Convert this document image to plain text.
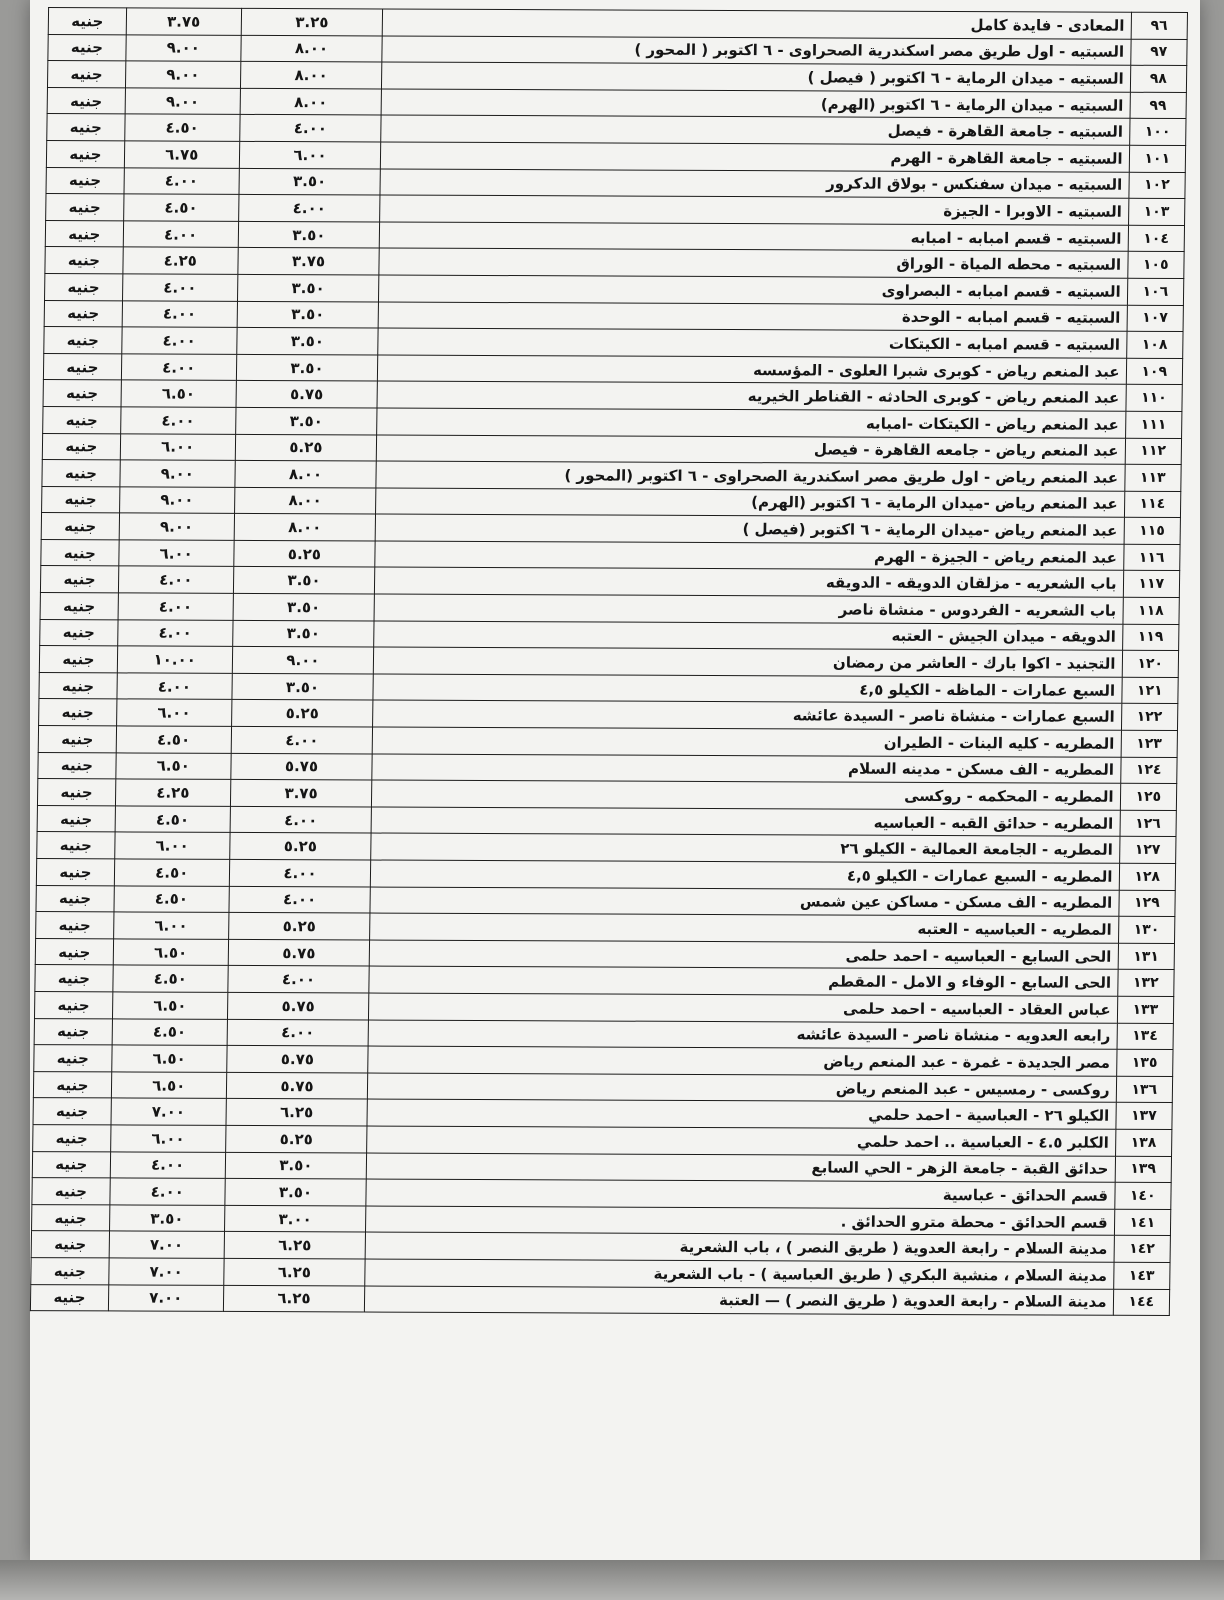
٩٦	المعادى - فايدة كامل	٣.٢٥	٣.٧٥	جنيه
٩٧	السبتيه - اول طريق مصر اسكندرية الصحراوى - ٦ اكتوبر ( المحور )	٨.٠٠	٩.٠٠	جنيه
٩٨	السبتيه - ميدان الرماية - ٦ اكتوبر ( فيصل )	٨.٠٠	٩.٠٠	جنيه
٩٩	السبتيه - ميدان الرماية - ٦ اكتوبر (الهرم)	٨.٠٠	٩.٠٠	جنيه
١٠٠	السبتيه - جامعة القاهرة - فيصل	٤.٠٠	٤.٥٠	جنيه
١٠١	السبتيه - جامعة القاهرة - الهرم	٦.٠٠	٦.٧٥	جنيه
١٠٢	السبتيه - ميدان سفنكس - بولاق الدكرور	٣.٥٠	٤.٠٠	جنيه
١٠٣	السبتيه - الاوبرا - الجيزة	٤.٠٠	٤.٥٠	جنيه
١٠٤	السبتيه - قسم امبابه - امبابه	٣.٥٠	٤.٠٠	جنيه
١٠٥	السبتيه - محطه المياة - الوراق	٣.٧٥	٤.٢٥	جنيه
١٠٦	السبتيه - قسم امبابه - البصراوى	٣.٥٠	٤.٠٠	جنيه
١٠٧	السبتيه - قسم امبابه - الوحدة	٣.٥٠	٤.٠٠	جنيه
١٠٨	السبتيه - قسم امبابه - الكيتكات	٣.٥٠	٤.٠٠	جنيه
١٠٩	عبد المنعم رياض - كوبرى شبرا العلوى - المؤسسه	٣.٥٠	٤.٠٠	جنيه
١١٠	عبد المنعم رياض - كوبرى الحادثه - القناطر الخيريه	٥.٧٥	٦.٥٠	جنيه
١١١	عبد المنعم رياض - الكيتكات -امبابه	٣.٥٠	٤.٠٠	جنيه
١١٢	عبد المنعم رياض - جامعه القاهرة - فيصل	٥.٢٥	٦.٠٠	جنيه
١١٣	عبد المنعم رياض - اول طريق مصر اسكندرية الصحراوى - ٦ اكتوبر (المحور )	٨.٠٠	٩.٠٠	جنيه
١١٤	عبد المنعم رياض -ميدان الرماية - ٦ اكتوبر (الهرم)	٨.٠٠	٩.٠٠	جنيه
١١٥	عبد المنعم رياض -ميدان الرماية - ٦ اكتوبر (فيصل )	٨.٠٠	٩.٠٠	جنيه
١١٦	عبد المنعم رياض - الجيزة - الهرم	٥.٢٥	٦.٠٠	جنيه
١١٧	باب الشعريه - مزلقان الدويقه - الدويقه	٣.٥٠	٤.٠٠	جنيه
١١٨	باب الشعريه - الفردوس - منشاة ناصر	٣.٥٠	٤.٠٠	جنيه
١١٩	الدويقه - ميدان الجيش - العتبه	٣.٥٠	٤.٠٠	جنيه
١٢٠	التجنيد - اكوا بارك - العاشر من رمضان	٩.٠٠	١٠.٠٠	جنيه
١٢١	السبع عمارات - الماظه - الكيلو ٤,٥	٣.٥٠	٤.٠٠	جنيه
١٢٢	السبع عمارات - منشاة ناصر - السيدة عائشه	٥.٢٥	٦.٠٠	جنيه
١٢٣	المطريه - كليه البنات - الطيران	٤.٠٠	٤.٥٠	جنيه
١٢٤	المطريه - الف مسكن - مدينه السلام	٥.٧٥	٦.٥٠	جنيه
١٢٥	المطريه - المحكمه - روكسى	٣.٧٥	٤.٢٥	جنيه
١٢٦	المطريه - حدائق القبه - العباسيه	٤.٠٠	٤.٥٠	جنيه
١٢٧	المطريه - الجامعة العمالية - الكيلو ٢٦	٥.٢٥	٦.٠٠	جنيه
١٢٨	المطريه - السبع عمارات - الكيلو ٤,٥	٤.٠٠	٤.٥٠	جنيه
١٢٩	المطريه - الف مسكن - مساكن عين شمس	٤.٠٠	٤.٥٠	جنيه
١٣٠	المطريه - العباسيه - العتبه	٥.٢٥	٦.٠٠	جنيه
١٣١	الحى السابع - العباسيه - احمد حلمى	٥.٧٥	٦.٥٠	جنيه
١٣٢	الحى السابع - الوفاء و الامل - المقطم	٤.٠٠	٤.٥٠	جنيه
١٣٣	عباس العقاد - العباسيه - احمد حلمى	٥.٧٥	٦.٥٠	جنيه
١٣٤	رابعه العدويه - منشاة ناصر - السيدة عائشه	٤.٠٠	٤.٥٠	جنيه
١٣٥	مصر الجديدة - غمرة - عبد المنعم رياض	٥.٧٥	٦.٥٠	جنيه
١٣٦	روكسى - رمسيس - عبد المنعم رياض	٥.٧٥	٦.٥٠	جنيه
١٣٧	الكيلو ٢٦ - العباسية - احمد حلمي	٦.٢٥	٧.٠٠	جنيه
١٣٨	الكلبر ٤.٥ - العباسية .. احمد حلمي	٥.٢٥	٦.٠٠	جنيه
١٣٩	حدائق القبة - جامعة الزهر - الحي السابع	٣.٥٠	٤.٠٠	جنيه
١٤٠	قسم الحدائق - عباسية	٣.٥٠	٤.٠٠	جنيه
١٤١	قسم الحدائق - محطة مترو الحدائق .	٣.٠٠	٣.٥٠	جنيه
١٤٢	مدينة السلام - رابعة العدوية ( طريق النصر ) ، باب الشعرية	٦.٢٥	٧.٠٠	جنيه
١٤٣	مدينة السلام ، منشية البكري ( طريق العباسية ) - باب الشعرية	٦.٢٥	٧.٠٠	جنيه
١٤٤	مدينة السلام - رابعة العدوية ( طريق النصر ) — العتبة	٦.٢٥	٧.٠٠	جنيه
